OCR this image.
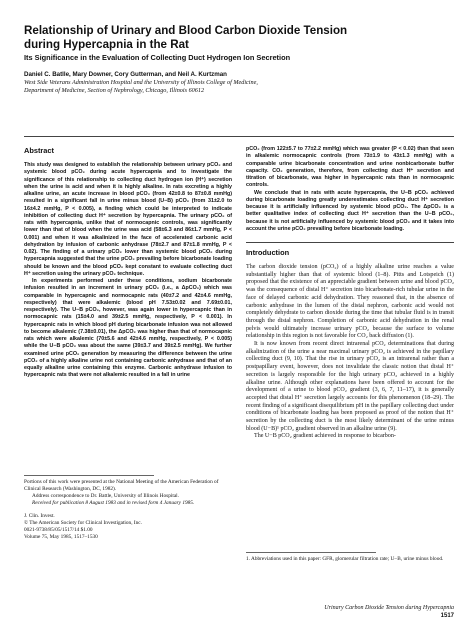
Relationship of Urinary and Blood Carbon Dioxide Tension
during Hypercapnia in the Rat

Its Significance in the Evaluation of Collecting Duct Hydrogen Ion Secretion

Daniel C. Batlle, Mary Downer, Cory Gutterman, and Neil A. Kurtzman

West Side Veterans Administration Hospital and the University of Illinois College of Medicine,

Department of Medicine, Section of Nephrology, Chicago, Illinois 60612

Abstract

This study was designed to establish the relationship between urinary pCO₂ and systemic blood pCO₂ during acute hypercapnia and to investigate the significance of this relationship to collecting duct hydrogen ion (H⁺) secretion when the urine is acid and when it is highly alkaline. In rats excreting a highly alkaline urine, an acute increase in blood pCO₂ (from 42±0.8 to 87±0.8 mmHg) resulted in a significant fall in urine minus blood (U−B) pCO₂ (from 31±2.0 to 16±4.2 mmHg, P < 0.005), a finding which could be interpreted to indicate inhibition of collecting duct H⁺ secretion by hypercapnia. The urinary pCO₂ of rats with hypercapnia, unlike that of normocapnic controls, was significantly lower than that of blood when the urine was acid (58±6.3 and 86±1.7 mmHg, P < 0.001) and when it was alkalinized in the face of accelerated carbonic acid dehydration by infusion of carbonic anhydrase (78±2.7 and 87±1.8 mmHg, P < 0.02). The finding of a urinary pCO₂ lower than systemic blood pCO₂ during hypercapnia suggested that the urine pCO₂ prevailing before bicarbonate loading should be known and the blood pCO₂ kept constant to evaluate collecting duct H⁺ secretion using the urinary pCO₂ technique.

In experiments performed under these conditions, sodium bicarbonate infusion resulted in an increment in urinary pCO₂ (i.e., a ΔpCO₂) which was comparable in hypercapnic and normocapnic rats (40±7.2 and 42±4.6 mmHg, respectively) that were alkalemic (blood pH 7.53±0.02 and 7.69±0.01, respectively). The U−B pCO₂, however, was again lower in hypercapnic than in normocapnic rats (15±4.0 and 39±2.5 mmHg, respectively, P < 0.001). In hypercapnic rats in which blood pH during bicarbonate infusion was not allowed to become alkalemic (7.38±0.01), the ΔpCO₂ was higher than that of normocapnic rats which were alkalemic (70±5.6 and 42±4.6 mmHg, respectively, P < 0.005) while the U−B pCO₂ was about the same (39±3.7 and 39±2.5 mmHg). We further examined urine pCO₂ generation by measuring the difference between the urine pCO₂ of a highly alkaline urine not containing carbonic anhydrase and that of an equally alkaline urine containing this enzyme. Carbonic anhydrase infusion to hypercapnic rats that were not alkalemic resulted in a fall in urine

Portions of this work were presented at the National Meeting of the American Federation of Clinical Research (Washington, DC, 1982).

Address correspondence to Dr. Battle, University of Illinois Hospital.

Received for publication 8 August 1983 and in revised form 4 January 1985.

J. Clin. Invest.

© The American Society for Clinical Investigation, Inc.

0021-9738/85/05/1517/14 $1.00

Volume 75, May 1985, 1517–1530

pCO₂ (from 122±5.7 to 77±2.2 mmHg) which was greater (P < 0.02) than that seen in alkalemic normocapnic controls (from 73±1.9 to 43±1.3 mmHg) with a comparable urine bicarbonate concentration and urine nonbicarbonate buffer capacity. CO₂ generation, therefore, from collecting duct H⁺ secretion and titration of bicarbonate, was higher in hypercapnic rats than in normocapnic controls.

We conclude that in rats with acute hypercapnia, the U−B pCO₂ achieved during bicarbonate loading greatly underestimates collecting duct H⁺ secretion because it is artificially influenced by systemic blood pCO₂. The ΔpCO₂ is a better qualitative index of collecting duct H⁺ secretion than the U−B pCO₂, because it is not artificially influenced by systemic blood pCO₂ and it takes into account the urine pCO₂ prevailing before bicarbonate loading.

Introduction

The carbon dioxide tension (pCO₂) of a highly alkaline urine reaches a value substantially higher than that of systemic blood (1–8). Pitts and Lotspeich (1) proposed that the existence of an appreciable gradient between urine and blood pCO₂ was the consequence of distal H⁺ secretion into bicarbonate-rich tubular urine in the face of delayed carbonic acid dehydration. They reasoned that, in the absence of carbonic anhydrase in the lumen of the distal nephron, carbonic acid would not completely dehydrate to carbon dioxide during the time that tubular fluid is in transit through the distal nephron. Completion of carbonic acid dehydration in the renal pelvis would ultimately increase urinary pCO₂ because the surface to volume relationship in this region is not favorable for CO₂ back diffusion (1).

It is now known from recent direct intrarenal pCO₂ determinations that during alkalinization of the urine a near maximal urinary pCO₂ is achieved in the papillary collecting duct (9, 10). That the rise in urinary pCO₂ is an intrarenal rather than a postpapillary event, however, does not invalidate the classic notion that distal H⁺ secretion is largely responsible for the high urinary pCO₂ achieved in a highly alkaline urine. Although other explanations have been offered to account for the development of a urine to blood pCO₂ gradient (3, 6, 7, 11–17), it is generally accepted that distal H⁺ secretion largely accounts for this phenomenon (18–29). The recent finding of a significant disequilibrium pH in the papillary collecting duct under conditions of bicarbonate loading has been proposed as proof of the notion that H⁺ secretion by the collecting duct is the most likely determinant of the urine minus blood (U−B)¹ pCO₂ gradient observed in an alkaline urine (9).

The U−B pCO₂ gradient achieved in response to bicarbon-

1. Abbreviations used in this paper: GFR, glomerular filtration rate; U−B, urine minus blood.

Urinary Carbon Dioxide Tension during Hypercapnia 1517
